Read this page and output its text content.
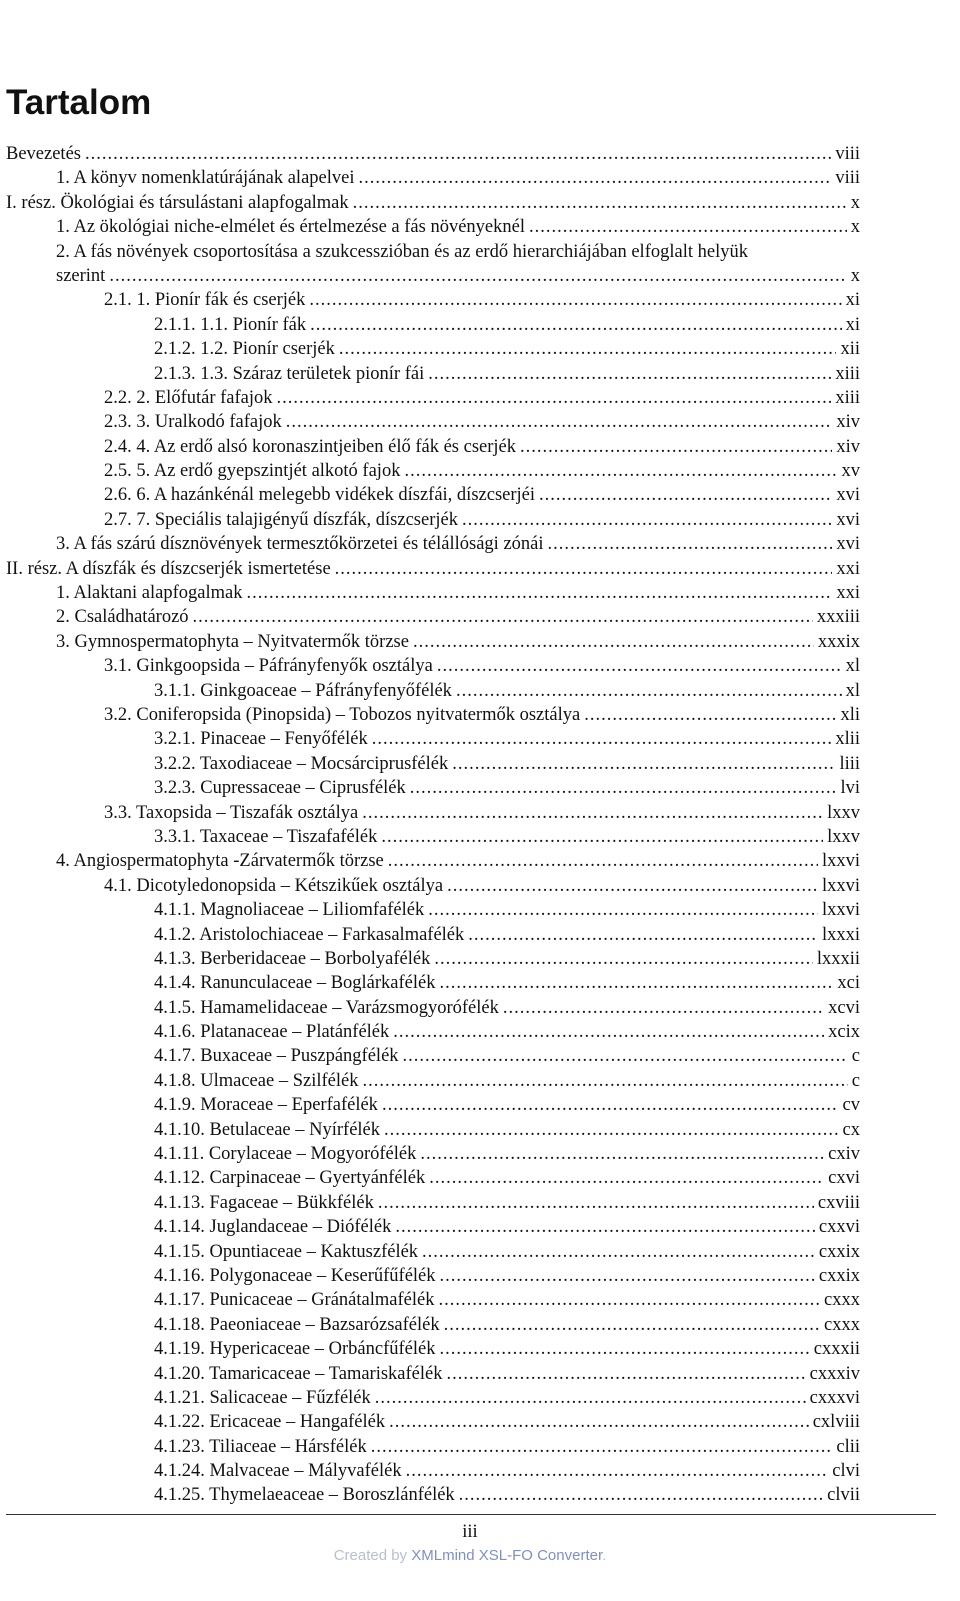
Tartalom
Bevezetés .....	viii
1. A könyv nomenklatúrájának alapelvei .....	viii
I. rész. Ökológiai és társulástani alapfogalmak .....	x
1. Az ökológiai niche-elmélet és értelmezése a fás növényeknél .....	x
2. A fás növények csoportosítása a szukcesszióban és az erdő hierarchiájában elfoglalt helyük
szerint .....	x
2.1. 1. Pionír fák és cserjék .....	xi
2.1.1. 1.1. Pionír fák .....	xi
2.1.2. 1.2. Pionír cserjék .....	xii
2.1.3. 1.3. Száraz területek pionír fái .....	xiii
2.2. 2. Előfutár fafajok .....	xiii
2.3. 3. Uralkodó fafajok .....	xiv
2.4. 4. Az erdő alsó koronaszintjeiben élő fák és cserjék .....	xiv
2.5. 5. Az erdő gyepszintjét alkotó fajok .....	xv
2.6. 6. A hazánkénál melegebb vidékek díszfái, díszcserjéi .....	xvi
2.7. 7. Speciális talajigényű díszfák, díszcserjék .....	xvi
3. A fás szárú dísznövények termesztőkörzetei és télállósági zónái .....	xvi
II. rész. A díszfák és díszcserjék ismertetése .....	xxi
1. Alaktani alapfogalmak .....	xxi
2. Családhatározó .....	xxxiii
3. Gymnospermatophyta – Nyitvatermők törzse .....	xxxix
3.1. Ginkgoopsida – Páfrányfenyők osztálya .....	xl
3.1.1. Ginkgoaceae – Páfrányfenyőfélék .....	xl
3.2. Coniferopsida (Pinopsida) – Tobozos nyitvatermők osztálya .....	xli
3.2.1. Pinaceae – Fenyőfélék .....	xlii
3.2.2. Taxodiaceae – Mocsárciprusfélék .....	liii
3.2.3. Cupressaceae – Ciprusfélék .....	lvi
3.3. Taxopsida – Tiszafák osztálya .....	lxxv
3.3.1. Taxaceae – Tiszafafélék .....	lxxv
4. Angiospermatophyta -Zárvatermők törzse .....	lxxvi
4.1. Dicotyledonopsida – Kétszikűek osztálya .....	lxxvi
4.1.1. Magnoliaceae – Liliomfafélék .....	lxxvi
4.1.2. Aristolochiaceae – Farkasalmafélék .....	lxxxi
4.1.3. Berberidaceae – Borbolyafélék .....	lxxxii
4.1.4. Ranunculaceae – Boglárkafélék .....	xci
4.1.5. Hamamelidaceae – Varázsmogyorófélék .....	xcvi
4.1.6. Platanaceae – Platánfélék .....	xcix
4.1.7. Buxaceae – Puszpángfélék .....	c
4.1.8. Ulmaceae – Szilfélék .....	c
4.1.9. Moraceae – Eperfafélék .....	cv
4.1.10. Betulaceae – Nyírfélék .....	cx
4.1.11. Corylaceae – Mogyorófélék .....	cxiv
4.1.12. Carpinaceae – Gyertyánfélék .....	cxvi
4.1.13. Fagaceae – Bükkfélék .....	cxviii
4.1.14. Juglandaceae – Diófélék .....	cxxvi
4.1.15. Opuntiaceae – Kaktuszfélék .....	cxxix
4.1.16. Polygonaceae – Keserűfűfélék .....	cxxix
4.1.17. Punicaceae – Gránátalmafélék .....	cxxx
4.1.18. Paeoniaceae – Bazsarózsafélék .....	cxxx
4.1.19. Hypericaceae – Orbáncfűfélék .....	cxxxii
4.1.20. Tamaricaceae – Tamariskafélék .....	cxxxiv
4.1.21. Salicaceae – Fűzfélék .....	cxxxvi
4.1.22. Ericaceae – Hangafélék .....	cxlviii
4.1.23. Tiliaceae – Hársfélék .....	clii
4.1.24. Malvaceae – Mályvafélék .....	clvi
4.1.25. Thymelaeaceae – Boroszlánfélék .....	clvii
iii
Created by XMLmind XSL-FO Converter.
